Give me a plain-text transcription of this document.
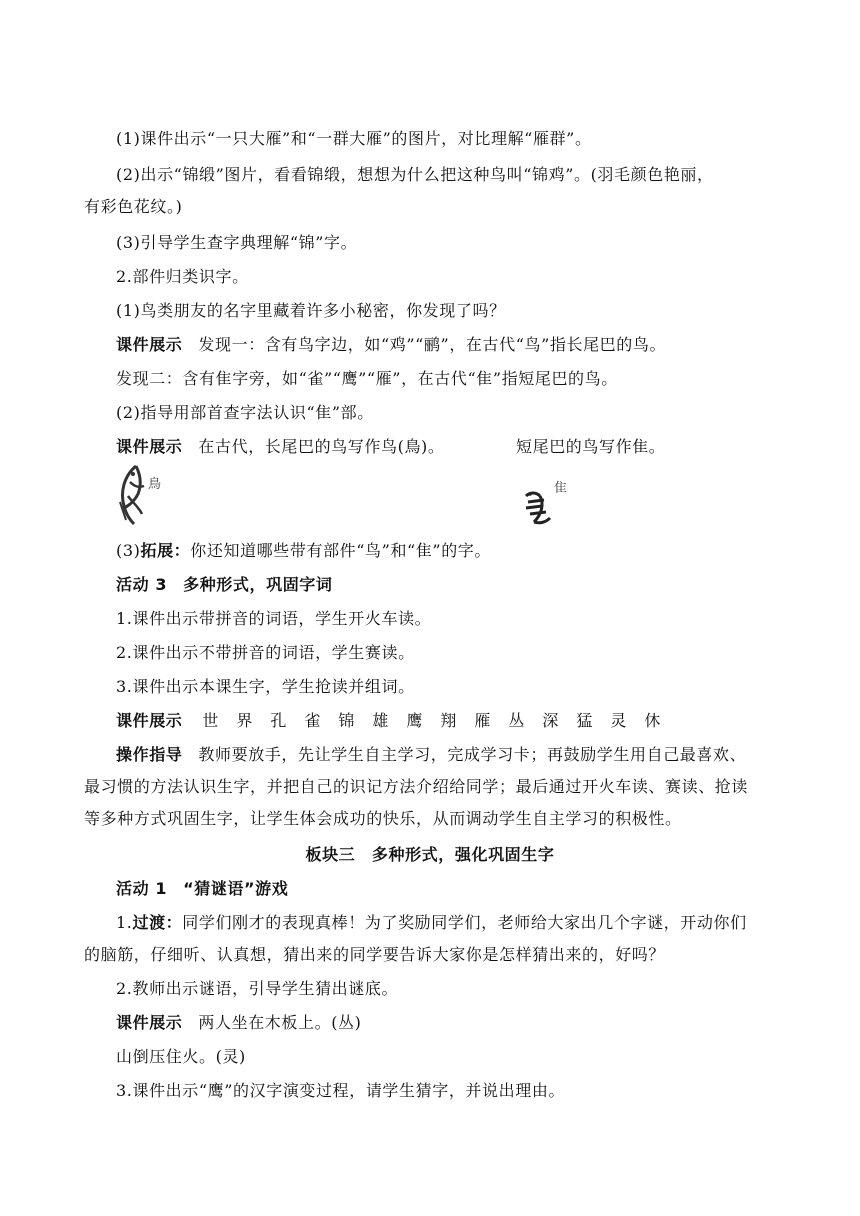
(1)课件出示“一只大雁”和“一群大雁”的图片，对比理解“雁群”。
(2)出示“锦缎”图片，看看锦缎，想想为什么把这种鸟叫“锦鸡”。(羽毛颜色艳丽，
有彩色花纹。)
(3)引导学生查字典理解“锦”字。
2.部件归类识字。
(1)鸟类朋友的名字里藏着许多小秘密，你发现了吗？
课件展示 发现一：含有鸟字边，如“鸡”“鹂”，在古代“鸟”指长尾巴的鸟。
发现二：含有隹字旁，如“雀”“鹰”“雁”，在古代“隹”指短尾巴的鸟。
(2)指导用部首查字法认识“隹”部。
课件展示 在古代，长尾巴的鸟写作鸟(鳥)。	短尾巴的鸟写作隹。
鳥	隹
(3)拓展：你还知道哪些带有部件“鸟”和“隹”的字。
活动 3 多种形式，巩固字词
1.课件出示带拼音的词语，学生开火车读。
2.课件出示不带拼音的词语，学生赛读。
3.课件出示本课生字，学生抢读并组词。
课件展示 世 界 孔 雀 锦 雄 鹰 翔 雁 丛 深 猛 灵 休
操作指导 教师要放手，先让学生自主学习，完成学习卡；再鼓励学生用自己最喜欢、
最习惯的方法认识生字，并把自己的识记方法介绍给同学；最后通过开火车读、赛读、抢读
等多种方式巩固生字，让学生体会成功的快乐，从而调动学生自主学习的积极性。
板块三　多种形式，强化巩固生字
活动 1 “猜谜语”游戏
1.过渡：同学们刚才的表现真棒！为了奖励同学们，老师给大家出几个字谜，开动你们
的脑筋，仔细听、认真想，猜出来的同学要告诉大家你是怎样猜出来的，好吗？
2.教师出示谜语，引导学生猜出谜底。
课件展示 两人坐在木板上。(丛)
山倒压住火。(灵)
3.课件出示“鹰”的汉字演变过程，请学生猜字，并说出理由。
